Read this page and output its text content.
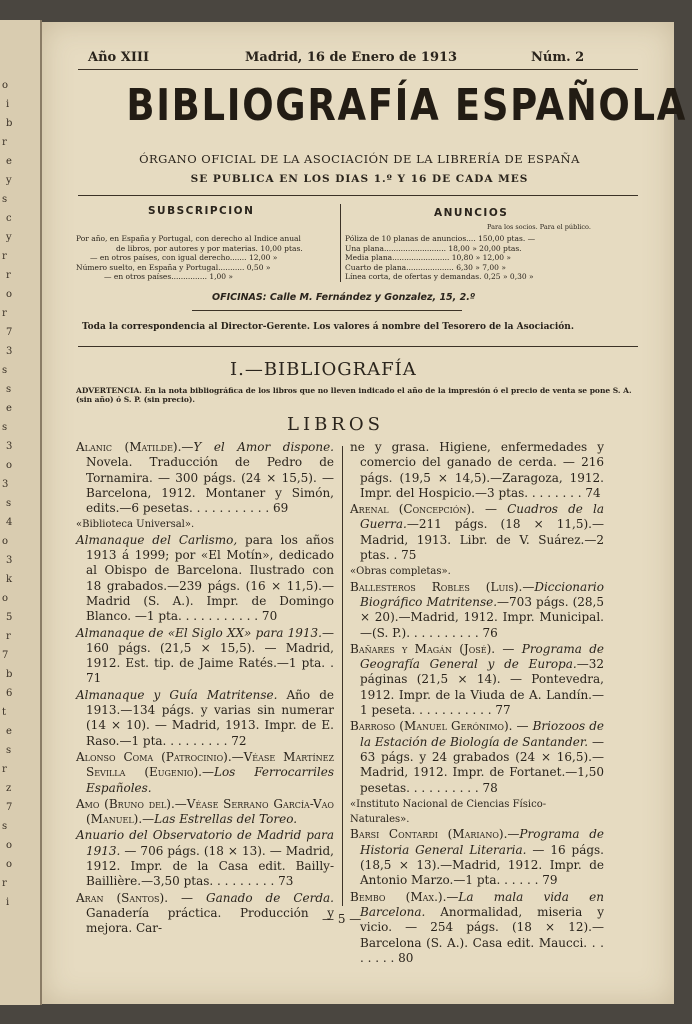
o
i
b
r
e
y
s
c
y
r
r
o
r
7
3
s
s
e
s
3
o
3
s
4
o
3
k
o
5
r
7
b
6
t
e
s
r
z
7
s
o
o
r
i
Año XIII	Madrid, 16 de Enero de 1913	Núm. 2
BIBLIOGRAFÍA ESPAÑOLA
ÓRGANO OFICIAL DE LA ASOCIACIÓN DE LA LIBRERÍA DE ESPAÑA
SE PUBLICA EN LOS DIAS 1.º Y 16 DE CADA MES
SUBSCRIPCION
Por año, en España y Portugal, con derecho al Indice anual
de libros, por autores y por materias. 10,00 ptas.
— en otros países, con igual derecho....... 12,00 »
Número suelto, en España y Portugal........... 0,50 »
— en otros países............... 1,00 »
ANUNCIOS
Para los socios. Para el público.
Póliza de 10 planas de anuncios.... 150,00 ptas. —
Una plana.......................... 18,00 » 20,00 ptas.
Media plana........................ 10,80 » 12,00 »
Cuarto de plana.................... 6,30 » 7,00 »
Línea corta, de ofertas y demandas. 0,25 » 0,30 »
OFICINAS: Calle M. Fernández y Gonzalez, 15, 2.º
Toda la correspondencia al Director-Gerente. Los valores á nombre del Tesorero de la Asociación.
I.—BIBLIOGRAFÍA
ADVERTENCIA. En la nota bibliográfica de los libros que no lleven indicado el año de la impresión ó el precio de venta se pone S. A. (sin año) ó S. P. (sin precio).
LIBROS
Alanic (Matilde).—Y el Amor dispone. Novela. Traducción de Pedro de Tornamira. — 300 págs. (24 × 15,5). — Barcelona, 1912. Montaner y Simón, edits.—6 pesetas. . . . . . . . . . . 69
«Biblioteca Universal».
Almanaque del Carlismo, para los años 1913 á 1999; por «El Motín», dedicado al Obispo de Barcelona. Ilustrado con 18 grabados.—239 págs. (16 × 11,5).—Madrid (S. A.). Impr. de Domingo Blanco. —1 pta. . . . . . . . . . . 70
Almanaque de «El Siglo XX» para 1913.—160 págs. (21,5 × 15,5). — Madrid, 1912. Est. tip. de Jaime Ratés.—1 pta. . 71
Almanaque y Guía Matritense. Año de 1913.—134 págs. y varias sin numerar (14 × 10). — Madrid, 1913. Impr. de E. Raso.—1 pta. . . . . . . . . 72
Alonso Coma (Patrocinio).—Véase Martínez Sevilla (Eugenio).—Los Ferrocarriles Españoles.
Amo (Bruno del).—Véase Serrano García-Vao (Manuel).—Las Estrellas del Toreo.
Anuario del Observatorio de Madrid para 1913. — 706 págs. (18 × 13). — Madrid, 1912. Impr. de la Casa edit. Bailly-Baillière.—3,50 ptas. . . . . . . . . 73
Aran (Santos). — Ganado de Cerda. Ganadería práctica. Producción y mejora. Car-
ne y grasa. Higiene, enfermedades y comercio del ganado de cerda. — 216 págs. (19,5 × 14,5).—Zaragoza, 1912. Impr. del Hospicio.—3 ptas. . . . . . . . 74
Arenal (Concepción). — Cuadros de la Guerra.—211 págs. (18 × 11,5).—Madrid, 1913. Libr. de V. Suárez.—2 ptas. . 75
«Obras completas».
Ballesteros Robles (Luis).—Diccionario Biográfico Matritense.—703 págs. (28,5 × 20).—Madrid, 1912. Impr. Municipal. —(S. P.). . . . . . . . . . 76
Bañares y Magán (José). — Programa de Geografía General y de Europa.—32 páginas (21,5 × 14). — Pontevedra, 1912. Impr. de la Viuda de A. Landín.—1 peseta. . . . . . . . . . . 77
Barroso (Manuel Gerónimo). — Briozoos de la Estación de Biología de Santander. —63 págs. y 24 grabados (24 × 16,5).— Madrid, 1912. Impr. de Fortanet.—1,50 pesetas. . . . . . . . . . 78
«Instituto Nacional de Ciencias Físico-Naturales».
Barsi Contardi (Mariano).—Programa de Historia General Literaria. — 16 págs. (18,5 × 13).—Madrid, 1912. Impr. de Antonio Marzo.—1 pta. . . . . . 79
Bembo (Max.).—La mala vida en Barcelona. Anormalidad, miseria y vicio. — 254 págs. (18 × 12).—Barcelona (S. A.). Casa edit. Maucci. . . . . . . . 80
— 5 —
